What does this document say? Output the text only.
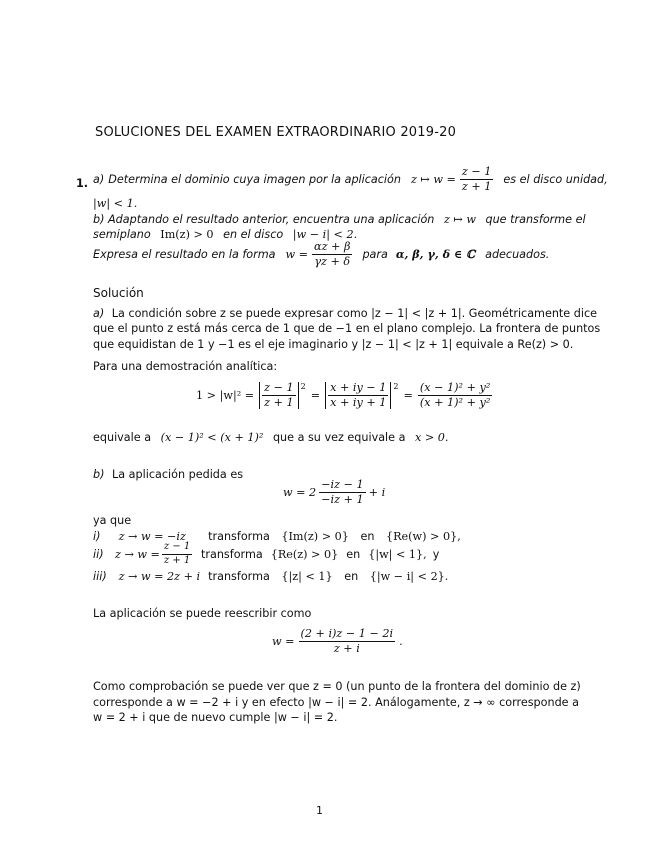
SOLUCIONES DEL EXAMEN EXTRAORDINARIO 2019-20
1. a) Determina el dominio cuya imagen por la aplicación z ↦ $w = \frac{z - 1}{z + 1}$ es el disco unidad,
|w| < 1.
b) Adaptando el resultado anterior, encuentra una aplicación z ↦ w que transforme el
semiplano Im(z) > 0 en el disco |w − i| < 2.
Expresa el resultado en la forma $w = \frac{\alpha z + \beta}{\gamma z + \delta}$ para α, β, γ, δ ∈ ℂ adecuados.
Solución
a) La condición sobre z se puede expresar como |z − 1| < |z + 1|. Geométricamente dice
que el punto z está más cerca de 1 que de −1 en el plano complejo. La frontera de puntos
que equidistan de 1 y −1 es el eje imaginario y |z − 1| < |z + 1| equivale a Re(z) > 0.
Para una demostración analítica:
$1 > |w|^2 = \frac{z - 1}{z + 1} ^2$
= $\frac{x + iy - 1}{x + iy + 1} ^2$
= $\frac{\text{(x − 1)² + y²}}{\text{(x + 1)² + y²}}$
equivale a (x − 1)² < (x + 1)² que a su vez equivale a x > 0.
b) La aplicación pedida es
$w = 2 \frac{-iz - 1}{-iz + 1} + i$
ya que
i) z → w = −iz transforma {Im(z) > 0} en {Re(w) > 0},
ii)	$z \to w = \frac{z - 1}{z + 1}$ transforma {Re(z) > 0} en {|w| < 1}, y
iii) z → w = 2z + i transforma {|z| < 1} en {|w − i| < 2}.
La aplicación se puede reescribir como
$w = \frac{(2 + i)z - 1 - 2i}{z + i}$ .
Como comprobación se puede ver que z = 0 (un punto de la frontera del dominio de z)
corresponde a w = −2 + i y en efecto |w − i| = 2. Análogamente, z → ∞ corresponde a
w = 2 + i que de nuevo cumple |w − i| = 2.
1
